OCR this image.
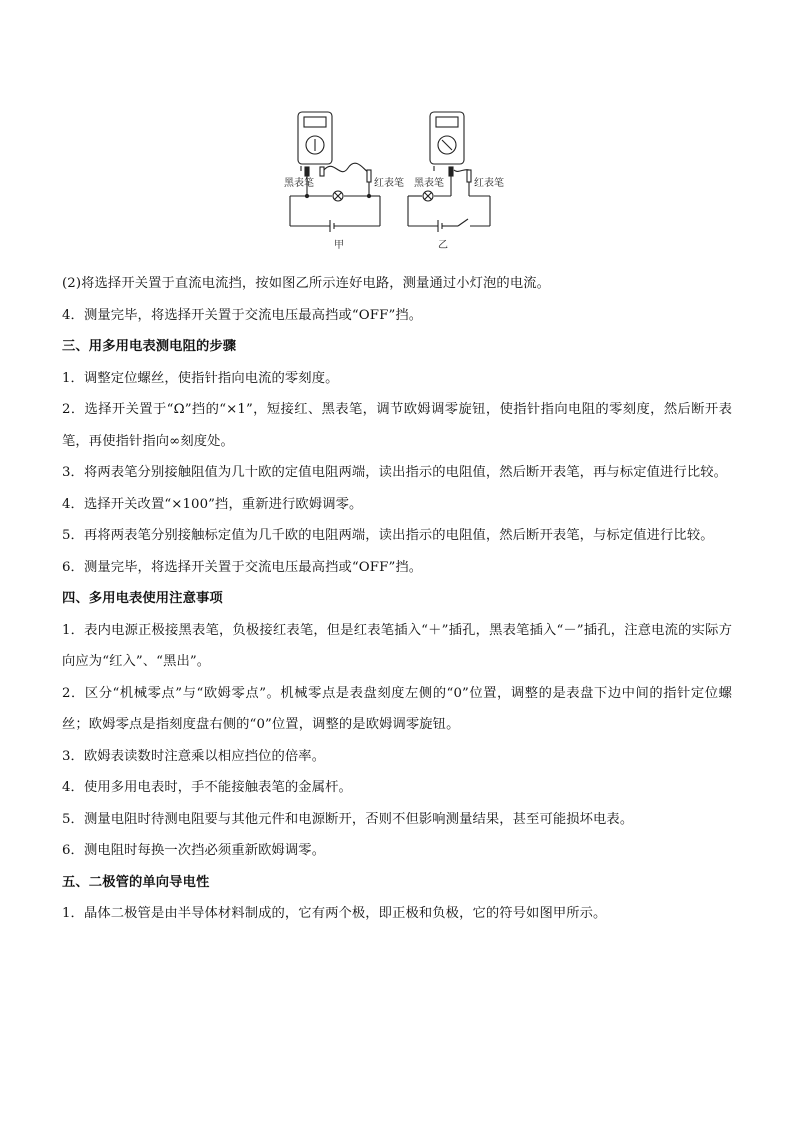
黑表笔	红表笔 黑表笔	红表笔
甲	乙

(2)将选择开关置于直流电流挡，按如图乙所示连好电路，测量通过小灯泡的电流。

4．测量完毕，将选择开关置于交流电压最高挡或“OFF”挡。

三、用多用电表测电阻的步骤

1．调整定位螺丝，使指针指向电流的零刻度。

2．选择开关置于“Ω”挡的“×1”，短接红、黑表笔，调节欧姆调零旋钮，使指针指向电阻的零刻度，然后断开表笔，再使指针指向∞刻度处。

3．将两表笔分别接触阻值为几十欧的定值电阻两端，读出指示的电阻值，然后断开表笔，再与标定值进行比较。

4．选择开关改置“×100”挡，重新进行欧姆调零。

5．再将两表笔分别接触标定值为几千欧的电阻两端，读出指示的电阻值，然后断开表笔，与标定值进行比较。

6．测量完毕，将选择开关置于交流电压最高挡或“OFF”挡。

四、多用电表使用注意事项

1．表内电源正极接黑表笔，负极接红表笔，但是红表笔插入“＋”插孔，黑表笔插入“－”插孔，注意电流的实际方向应为“红入”、“黑出”。

2．区分“机械零点”与“欧姆零点”。机械零点是表盘刻度左侧的“0”位置，调整的是表盘下边中间的指针定位螺丝；欧姆零点是指刻度盘右侧的“0”位置，调整的是欧姆调零旋钮。

3．欧姆表读数时注意乘以相应挡位的倍率。

4．使用多用电表时，手不能接触表笔的金属杆。

5．测量电阻时待测电阻要与其他元件和电源断开，否则不但影响测量结果，甚至可能损坏电表。

6．测电阻时每换一次挡必须重新欧姆调零。

五、二极管的单向导电性

1．晶体二极管是由半导体材料制成的，它有两个极，即正极和负极，它的符号如图甲所示。
